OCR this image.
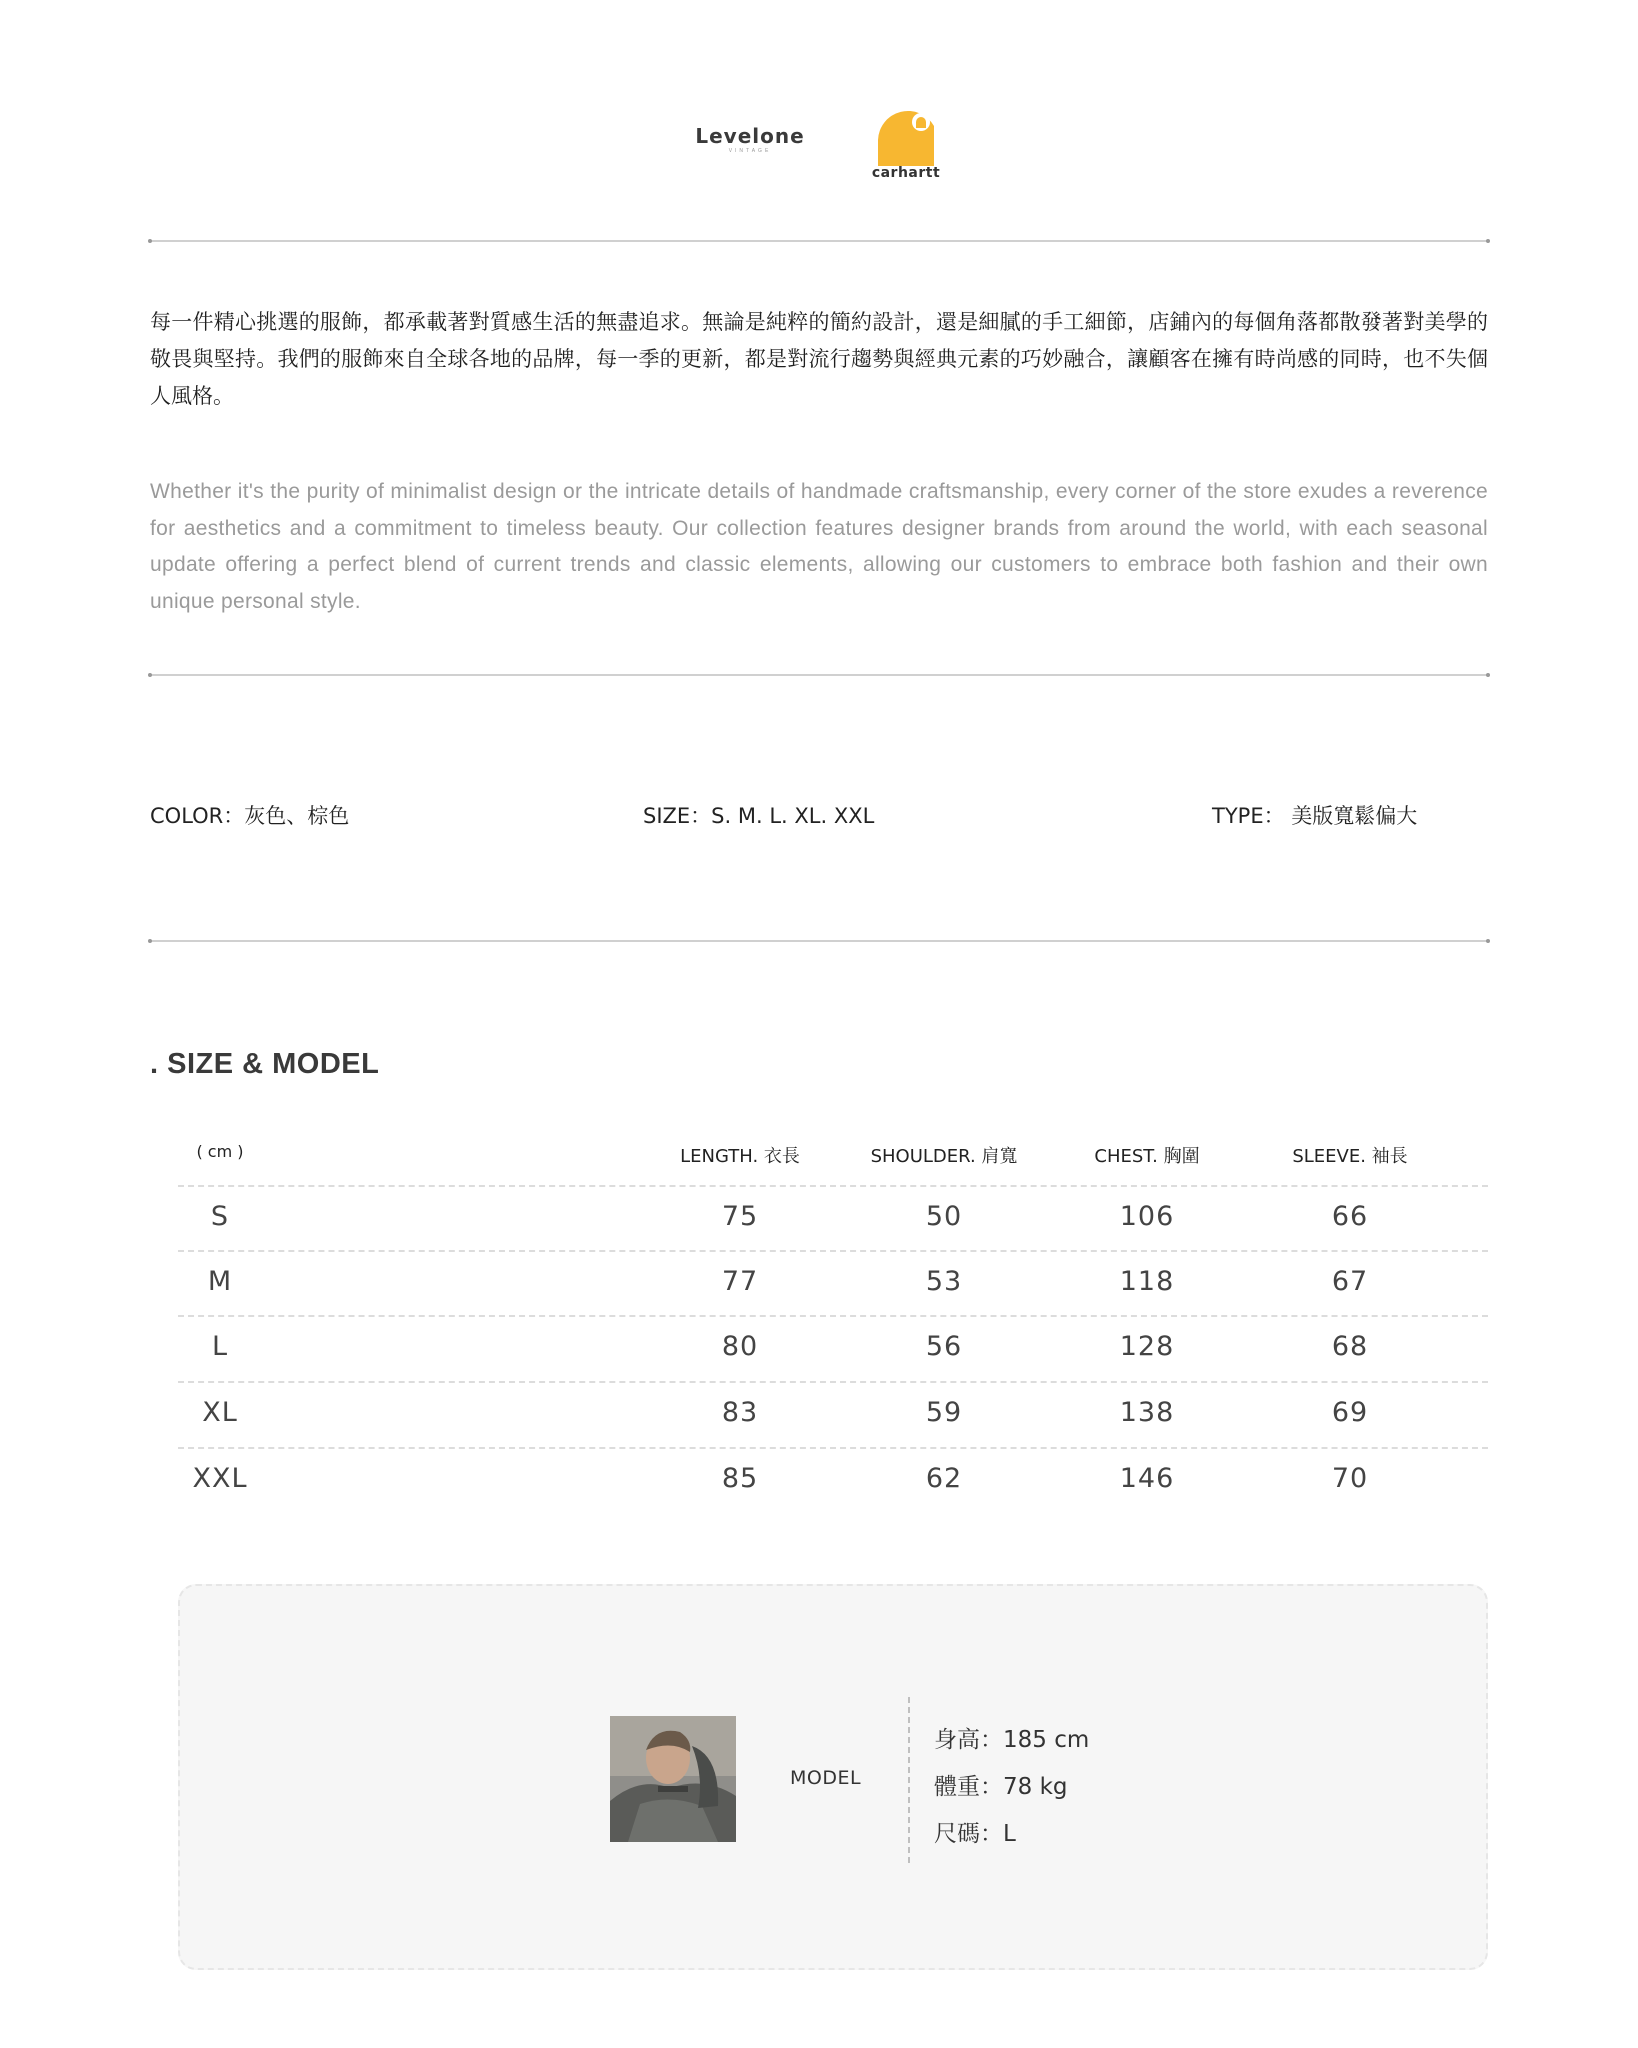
Levelone
VINTAGE
carhartt
每一件精心挑選的服飾，都承載著對質感生活的無盡追求。無論是純粹的簡約設計，還是細膩的手工細節，店鋪內的每個角落都散發著對美學的敬畏與堅持。我們的服飾來自全球各地的品牌，每一季的更新，都是對流行趨勢與經典元素的巧妙融合，讓顧客在擁有時尚感的同時，也不失個人風格。
Whether it's the purity of minimalist design or the intricate details of handmade craftsmanship, every corner of the store exudes a reverence for aesthetics and a commitment to timeless beauty. Our collection features designer brands from around the world, with each seasonal update offering a perfect blend of current trends and classic elements, allowing our customers to embrace both fashion and their own unique personal style.
COLOR：灰色、棕色	SIZE：S. M. L. XL. XXL	TYPE： 美版寬鬆偏大
. SIZE & MODEL
( cm )	LENGTH. 衣長	SHOULDER. 肩寬	CHEST. 胸圍	SLEEVE. 袖長
S	75	50	106	66
M	77	53	118	67
L	80	56	128	68
XL	83	59	138	69
XXL	85	62	146	70
MODEL
身高：185 cm
體重：78 kg
尺碼：L
